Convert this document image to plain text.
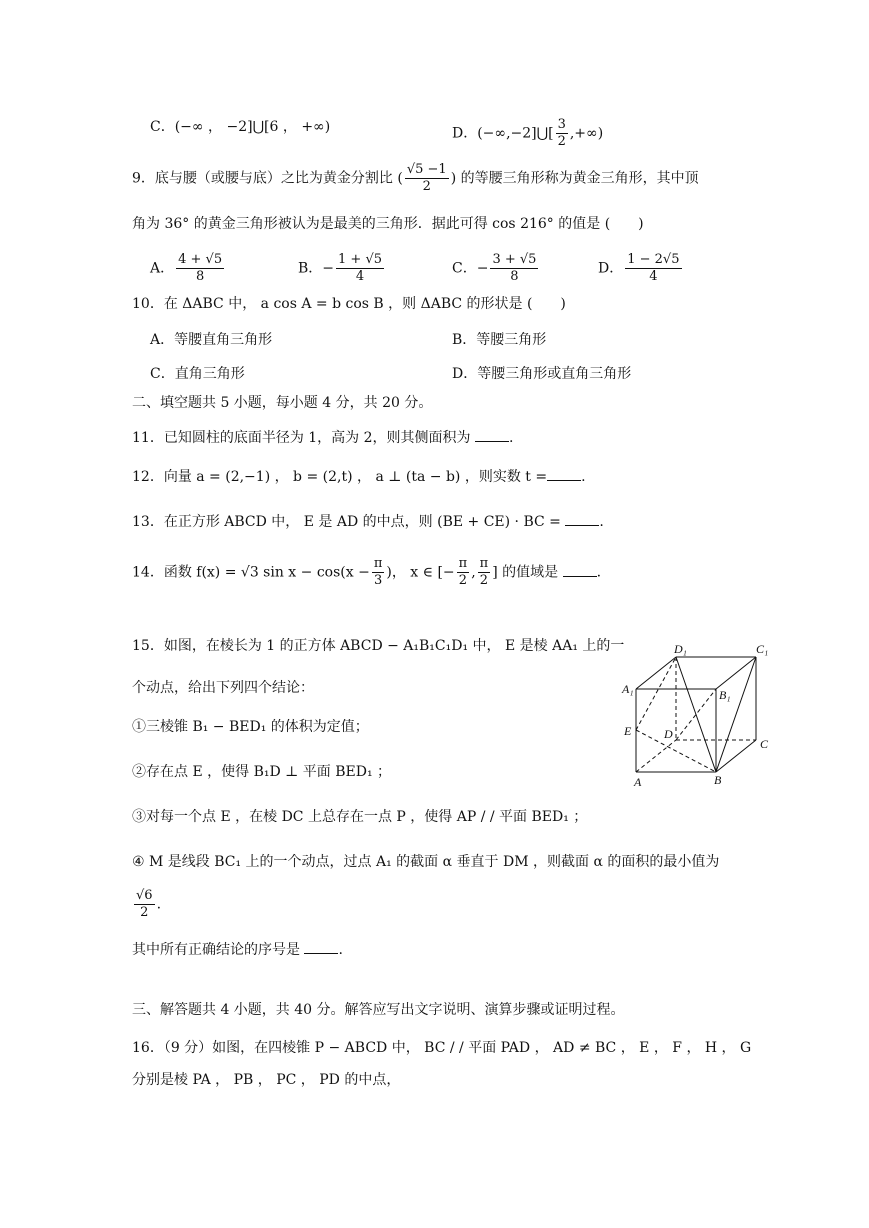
C．(−∞ ， −2]⋃[6 ， +∞)	D．(−∞,−2]⋃[ $\frac{3}{2}$ ,+∞)
9．底与腰（或腰与底）之比为黄金分割比 ( $\frac{√5 -1}{2}$ ) 的等腰三角形称为黄金三角形，其中顶
角为 36° 的黄金三角形被认为是最美的三角形．据此可得 cos 216° 的值是 (　　)
A． $\frac{4 + √5}{8}$	B．− $\frac{1 + √5}{4}$	C．− $\frac{3 + √5}{8}$	D． $\frac{1 - 2√5}{4}$
10．在 ΔABC 中， a cos A = b cos B ，则 ΔABC 的形状是 (　　)
A．等腰直角三角形	B．等腰三角形
C．直角三角形	D．等腰三角形或直角三角形
二、填空题共 5 小题，每小题 4 分，共 20 分。
11．已知圆柱的底面半径为 1，高为 2，则其侧面积为	.
12．向量 a = (2,−1) ， b = (2,t) ， a ⊥ (ta − b) ，则实数 t = .
13．在正方形 ABCD 中， E 是 AD 的中点，则 (BE + CE) · BC =	.
14．函数 f(x) = √3 $\sin x - \cos(x - \frac{\pi}{3}$ )， x ∈ [− $\frac{\pi}{2}$ , $\frac{\pi}{2}$ ] 的值域是	.
15．如图，在棱长为 1 的正方体 ABCD − A₁B₁C₁D₁ 中， E 是棱 AA₁ 上的一
个动点，给出下列四个结论：
①三棱锥 B₁ − BED₁ 的体积为定值；
②存在点 E ，使得 B₁D ⊥ 平面 BED₁ ；
③对每一个点 E ，在棱 DC 上总存在一点 P ，使得 AP / / 平面 BED₁ ；
④ M 是线段 BC₁ 上的一个动点，过点 A₁ 的截面 α 垂直于 DM ，则截面 α 的面积的最小值为
$\frac{√6}{2}$ .
其中所有正确结论的序号是	.
D₁	C₁
A₁	B₁
E	D
C
A	B
三、解答题共 4 小题，共 40 分。解答应写出文字说明、演算步骤或证明过程。
16．（9 分）如图，在四棱锥 P − ABCD 中， BC / / 平面 PAD ， AD ≠ BC ， E ， F ， H ， G
分别是棱 PA ， PB ， PC ， PD 的中点，
